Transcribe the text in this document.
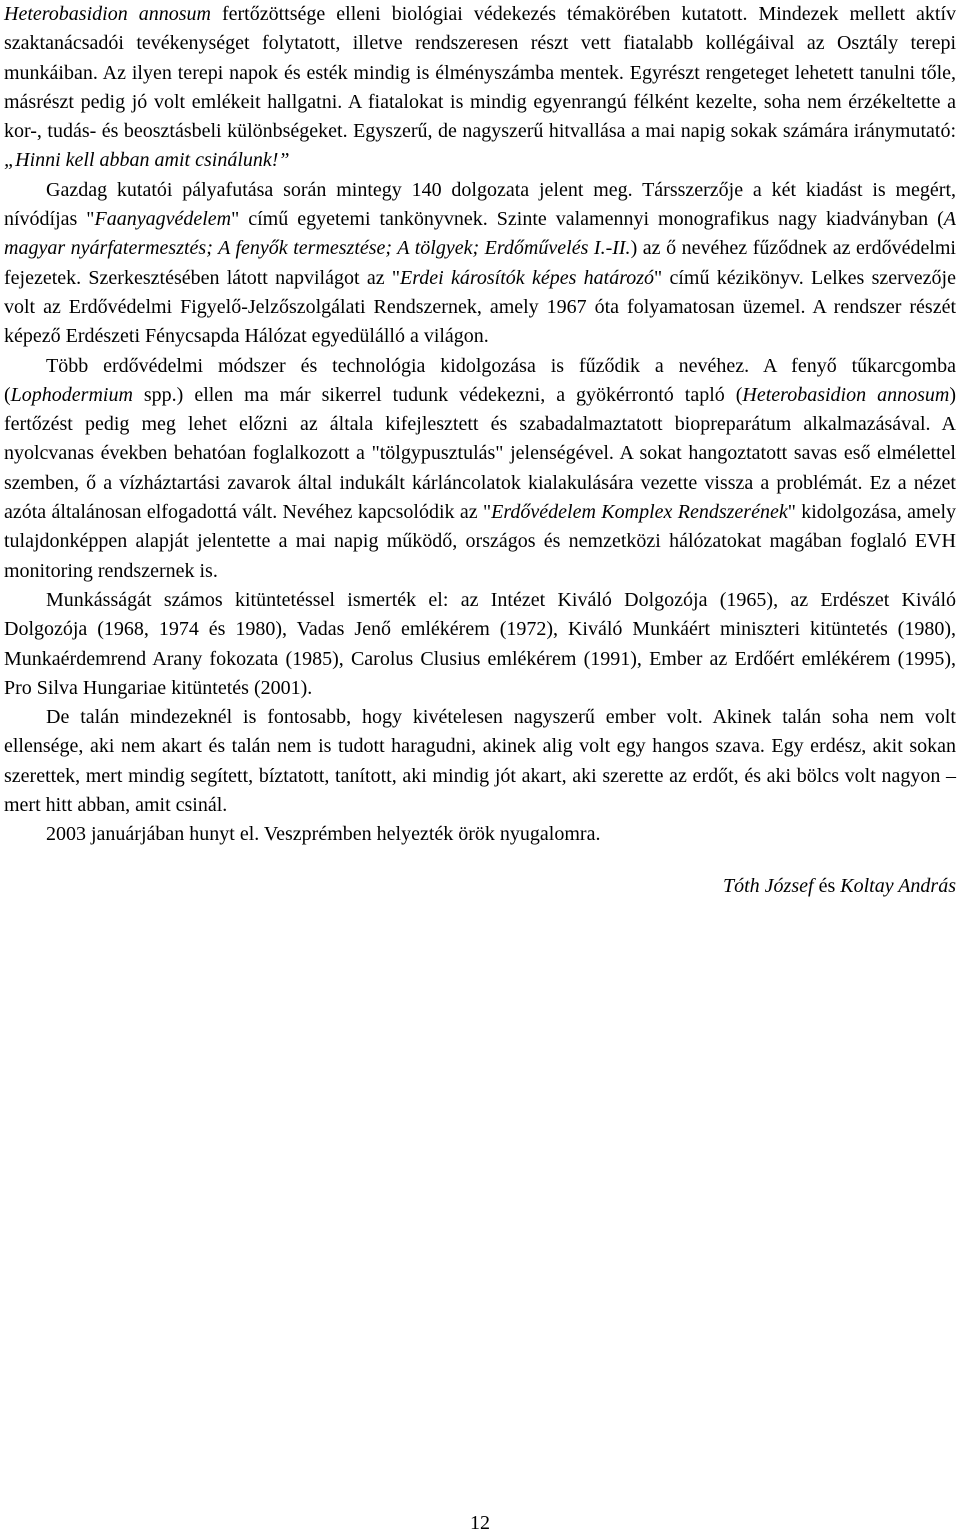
Heterobasidion annosum fertőzöttsége elleni biológiai védekezés témakörében kutatott. Mindezek mellett aktív szaktanácsadói tevékenységet folytatott, illetve rendszeresen részt vett fiatalabb kollégáival az Osztály terepi munkáiban. Az ilyen terepi napok és esték mindig is élményszámba mentek. Egyrészt rengeteget lehetett tanulni tőle, másrészt pedig jó volt emlékeit hallgatni. A fiatalokat is mindig egyenrangú félként kezelte, soha nem érzékeltette a kor-, tudás- és beosztásbeli különbségeket. Egyszerű, de nagyszerű hitvallása a mai napig sokak számára iránymutató: „Hinni kell abban amit csinálunk!”

Gazdag kutatói pályafutása során mintegy 140 dolgozata jelent meg. Társszerzője a két kiadást is megért, nívódíjas "Faanyagvédelem" című egyetemi tankönyvnek. Szinte valamennyi monografikus nagy kiadványban (A magyar nyárfatermesztés; A fenyők termesztése; A tölgyek; Erdőművelés I.-II.) az ő nevéhez fűződnek az erdővédelmi fejezetek. Szerkesztésében látott napvilágot az "Erdei károsítók képes határozó" című kézikönyv. Lelkes szervezője volt az Erdővédelmi Figyelő-Jelzőszolgálati Rendszernek, amely 1967 óta folyamatosan üzemel. A rendszer részét képező Erdészeti Fénycsapda Hálózat egyedülálló a világon.

Több erdővédelmi módszer és technológia kidolgozása is fűződik a nevéhez. A fenyő tűkarcgomba (Lophodermium spp.) ellen ma már sikerrel tudunk védekezni, a gyökérrontó tapló (Heterobasidion annosum) fertőzést pedig meg lehet előzni az általa kifejlesztett és szabadalmaztatott biopreparátum alkalmazásával. A nyolcvanas években behatóan foglalkozott a "tölgypusztulás" jelenségével. A sokat hangoztatott savas eső elmélettel szemben, ő a vízháztartási zavarok által indukált kárláncolatok kialakulására vezette vissza a problémát. Ez a nézet azóta általánosan elfogadottá vált. Nevéhez kapcsolódik az "Erdővédelem Komplex Rendszerének" kidolgozása, amely tulajdonképpen alapját jelentette a mai napig működő, országos és nemzetközi hálózatokat magában foglaló EVH monitoring rendszernek is.

Munkásságát számos kitüntetéssel ismerték el: az Intézet Kiváló Dolgozója (1965), az Erdészet Kiváló Dolgozója (1968, 1974 és 1980), Vadas Jenő emlékérem (1972), Kiváló Munkáért miniszteri kitüntetés (1980), Munkaérdemrend Arany fokozata (1985), Carolus Clusius emlékérem (1991), Ember az Erdőért emlékérem (1995), Pro Silva Hungariae kitüntetés (2001).

De talán mindezeknél is fontosabb, hogy kivételesen nagyszerű ember volt. Akinek talán soha nem volt ellensége, aki nem akart és talán nem is tudott haragudni, akinek alig volt egy hangos szava. Egy erdész, akit sokan szerettek, mert mindig segített, bíztatott, tanított, aki mindig jót akart, aki szerette az erdőt, és aki bölcs volt nagyon – mert hitt abban, amit csinál.

2003 januárjában hunyt el. Veszprémben helyezték örök nyugalomra.

Tóth József és Koltay András

12
